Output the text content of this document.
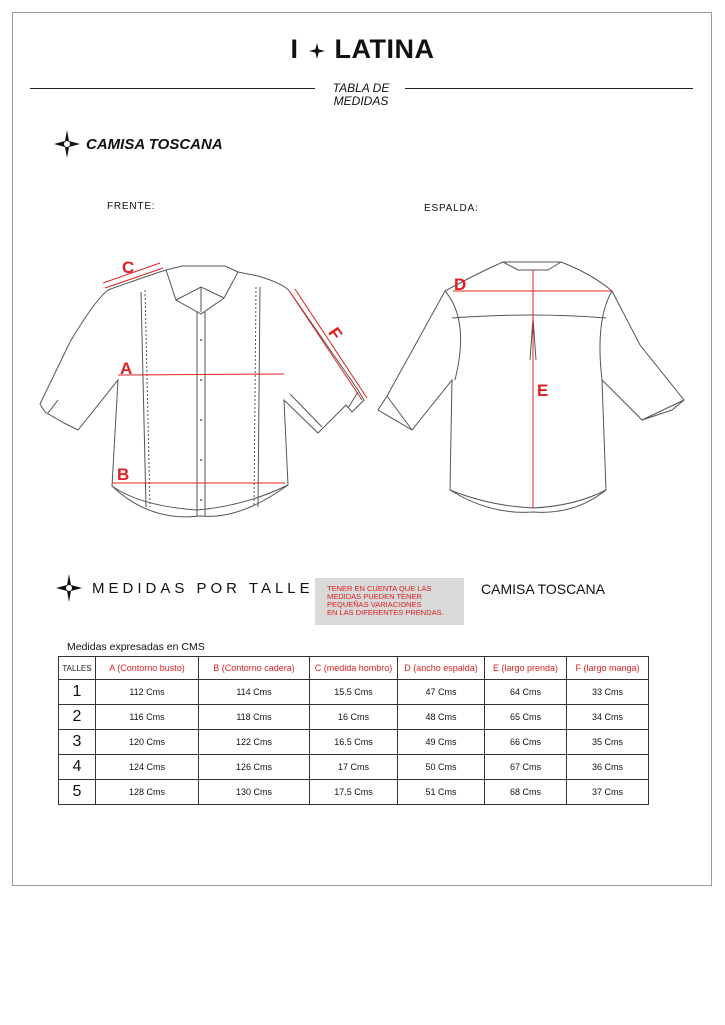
I LATINA
TABLA DE
MEDIDAS
CAMISA TOSCANA
FRENTE:	ESPALDA:
C
F
A
B
D
E
MEDIDAS POR TALLE TENER EN CUENTA QUE LAS
MEDIDAS PUEDEN TENER
PEQUEÑAS VARIACIONES
EN LAS DIFERENTES PRENDAS.
CAMISA TOSCANA
Medidas expresadas en CMS
TALLES	A (Contorno busto)	B (Contorno cadera)	C (medida hombro)	D (ancho espalda)	E (largo prenda)	F (largo manga)
1	112 Cms	114 Cms	15.5 Cms	47 Cms	64 Cms	33 Cms
2	116 Cms	118 Cms	16 Cms	48 Cms	65 Cms	34 Cms
3	120 Cms	122 Cms	16.5 Cms	49 Cms	66 Cms	35 Cms
4	124 Cms	126 Cms	17 Cms	50 Cms	67 Cms	36 Cms
5	128 Cms	130 Cms	17.5 Cms	51 Cms	68 Cms	37 Cms
